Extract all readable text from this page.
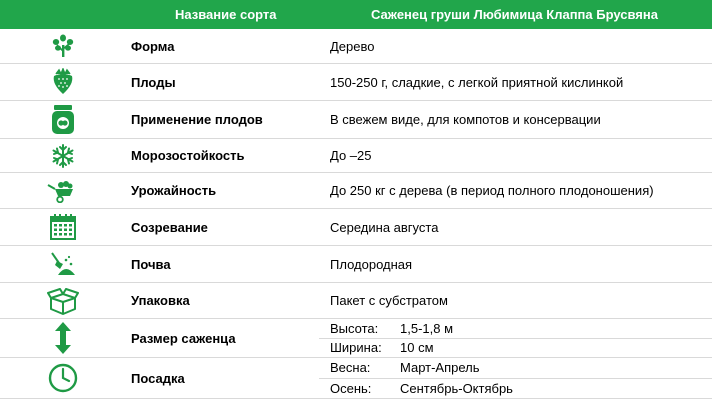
Название сорта	Саженец груши Любимица Клаппа Брусвяна
Форма	Дерево
Плоды	150-250 г, сладкие, с легкой приятной кислинкой
Применение плодов	В свежем виде, для компотов и консервации
Морозостойкость	До –25
Урожайность	До 250 кг с дерева (в период полного плодоношения)
Созревание	Середина августа
Почва	Плодородная
Упаковка	Пакет с субстратом
Размер саженца
Высота:	1,5-1,8 м
Ширина:	10 см
Посадка
Весна:	Март-Апрель
Осень:	Сентябрь-Октябрь
